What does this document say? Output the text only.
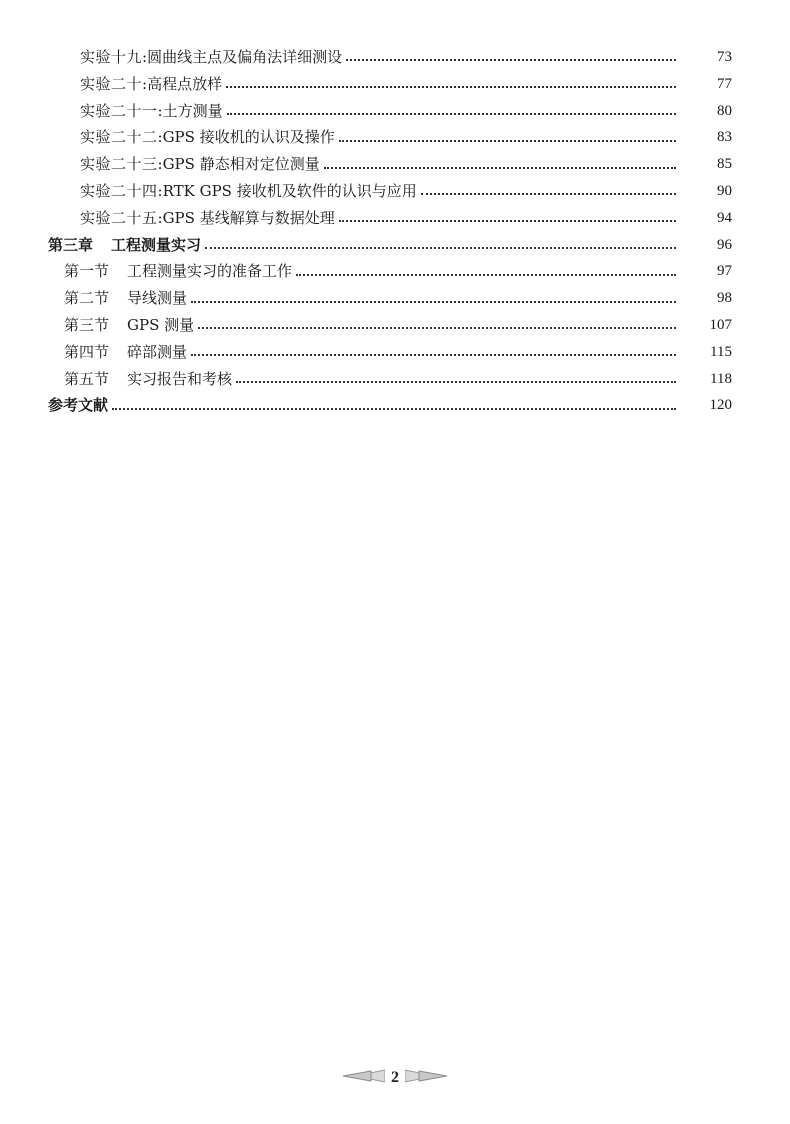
实验十九:圆曲线主点及偏角法详细测设	73
实验二十:高程点放样	77
实验二十一:土方测量	80
实验二十二:GPS 接收机的认识及操作	83
实验二十三:GPS 静态相对定位测量	85
实验二十四:RTK GPS 接收机及软件的认识与应用	90
实验二十五:GPS 基线解算与数据处理	94
第三章 工程测量实习	96
第一节 工程测量实习的准备工作	97
第二节 导线测量	98
第三节 GPS 测量	107
第四节 碎部测量	115
第五节 实习报告和考核	118
参考文献	120
2
